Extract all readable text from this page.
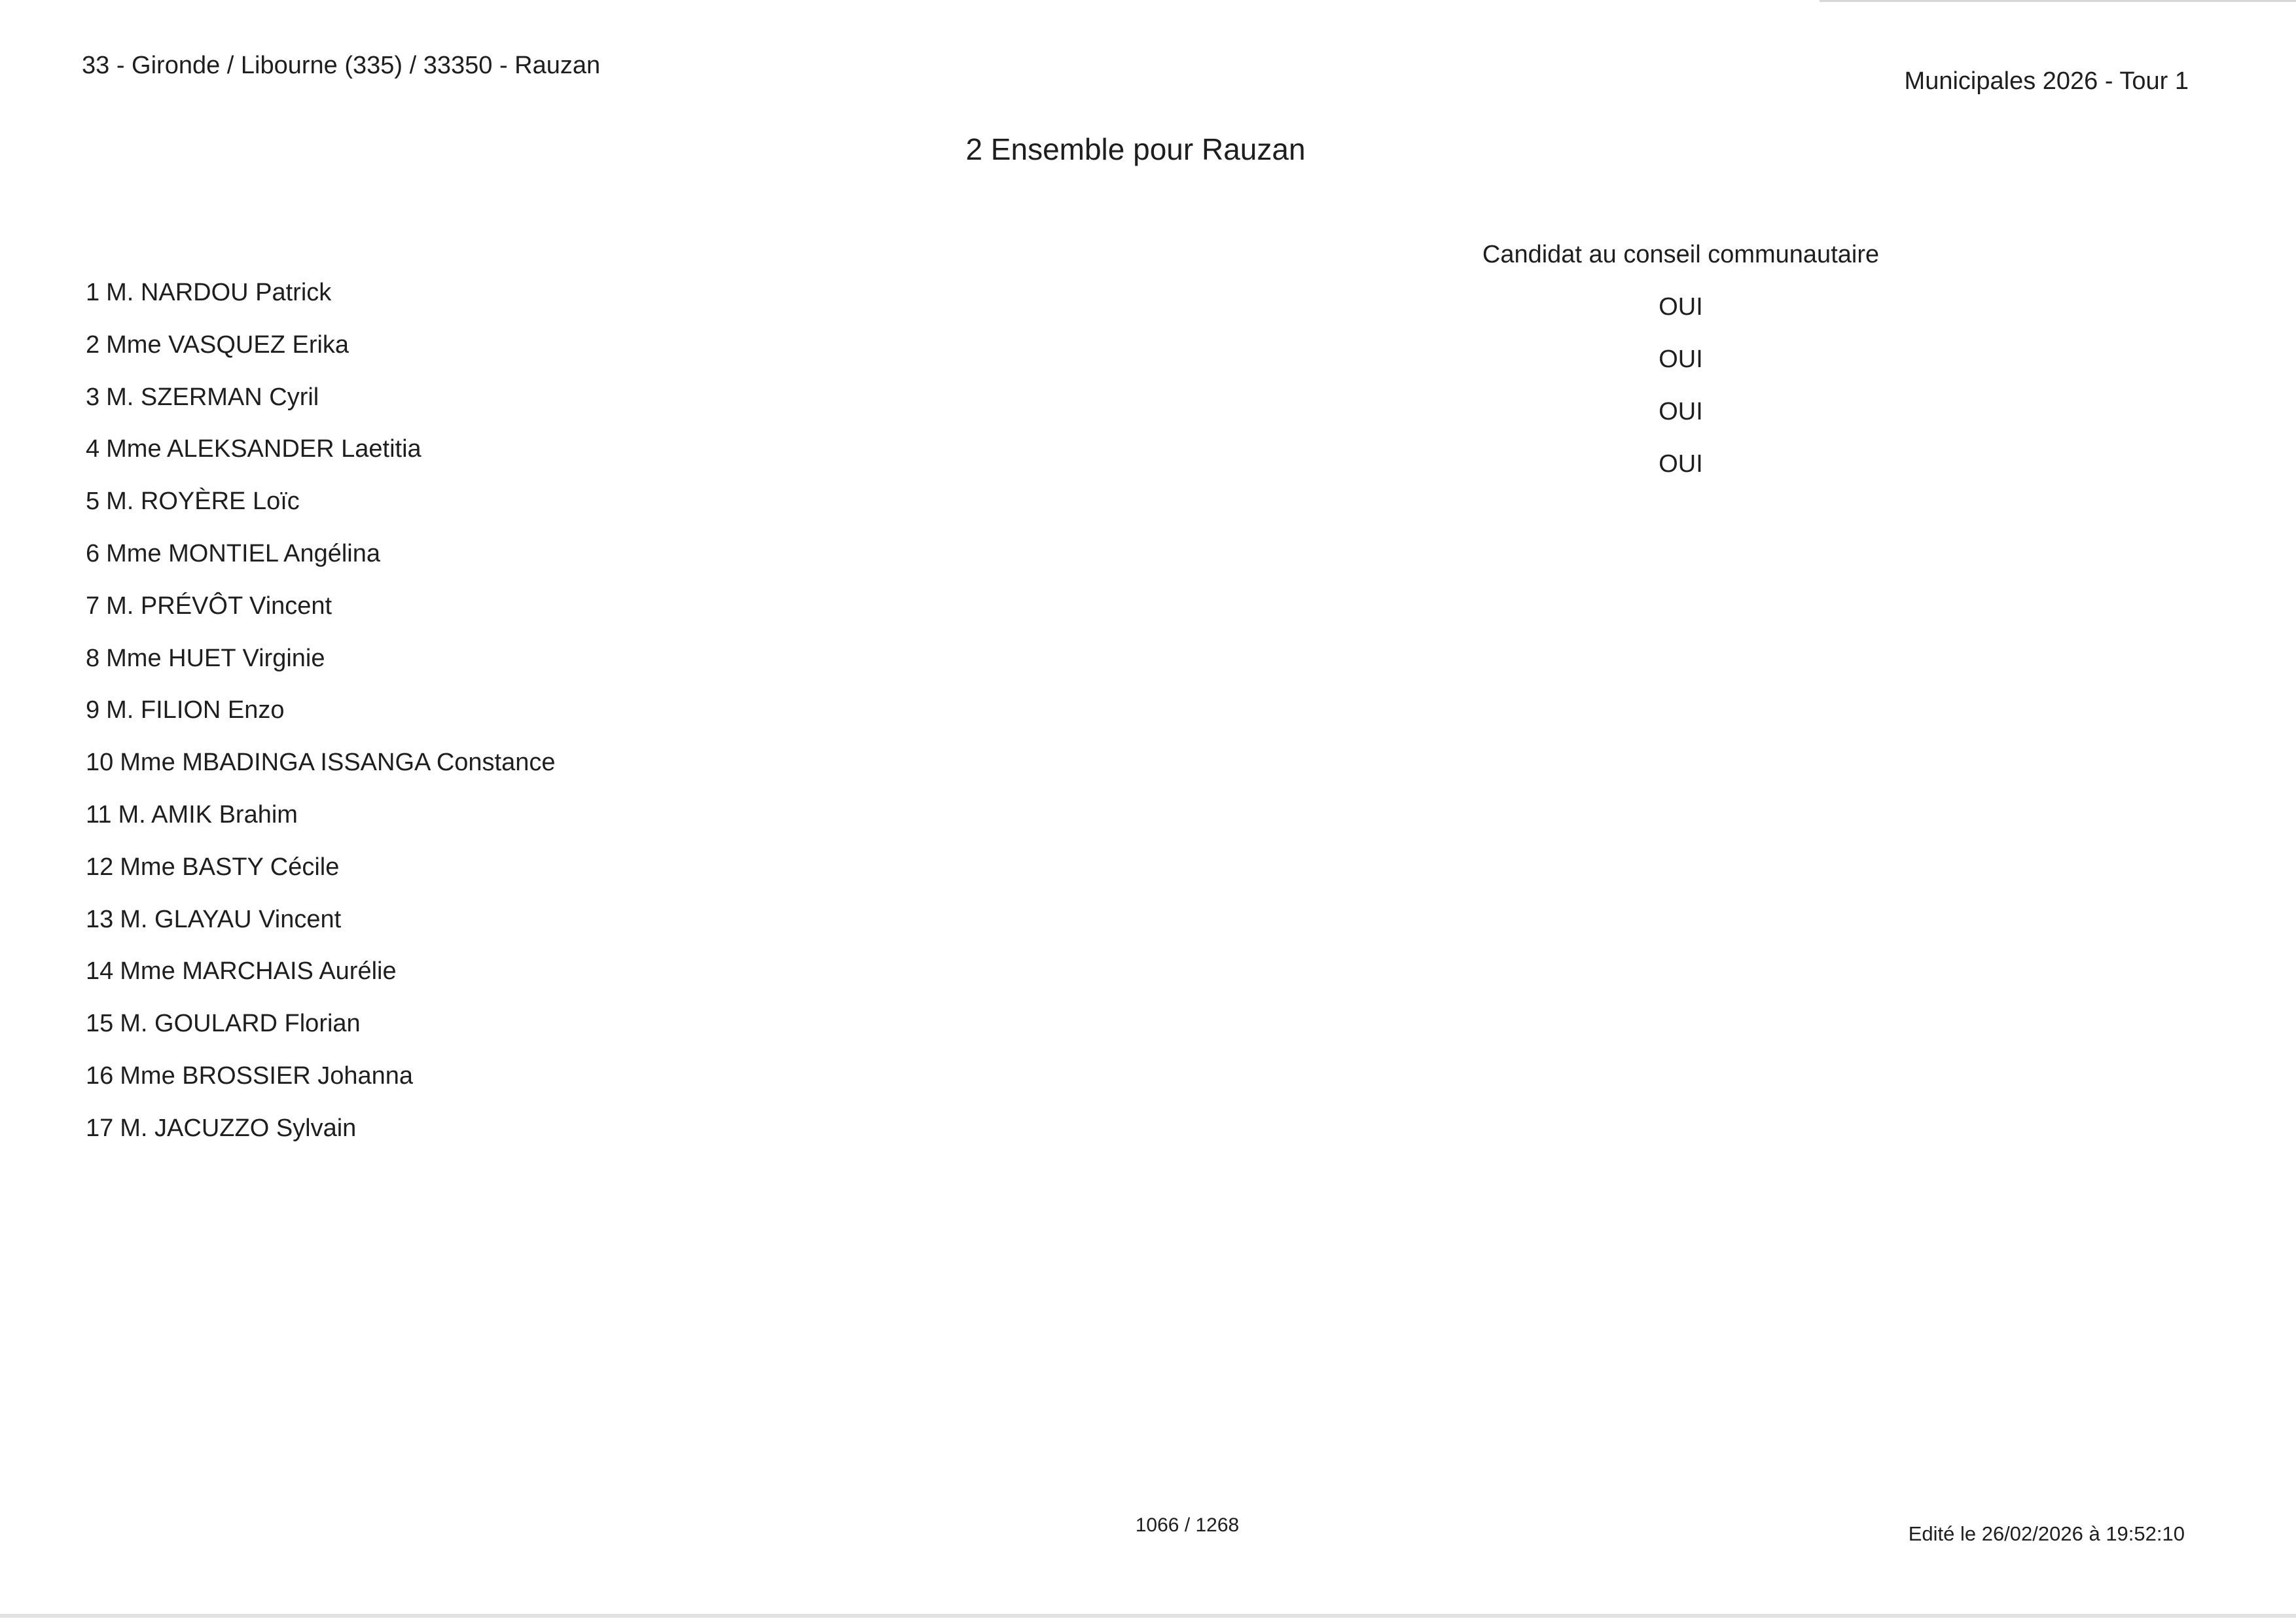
33 - Gironde / Libourne (335) / 33350 - Rauzan
Municipales 2026 - Tour 1
2 Ensemble pour Rauzan
Candidat au conseil communautaire
OUI
OUI
OUI
OUI
1 M. NARDOU Patrick
2 Mme VASQUEZ Erika
3 M. SZERMAN Cyril
4 Mme ALEKSANDER Laetitia
5 M. ROYÈRE Loïc
6 Mme MONTIEL Angélina
7 M. PRÉVÔT Vincent
8 Mme HUET Virginie
9 M. FILION Enzo
10 Mme MBADINGA ISSANGA Constance
11 M. AMIK Brahim
12 Mme BASTY Cécile
13 M. GLAYAU Vincent
14 Mme MARCHAIS Aurélie
15 M. GOULARD Florian
16 Mme BROSSIER Johanna
17 M. JACUZZO Sylvain
1066 / 1268	Edité le 26/02/2026 à 19:52:10
